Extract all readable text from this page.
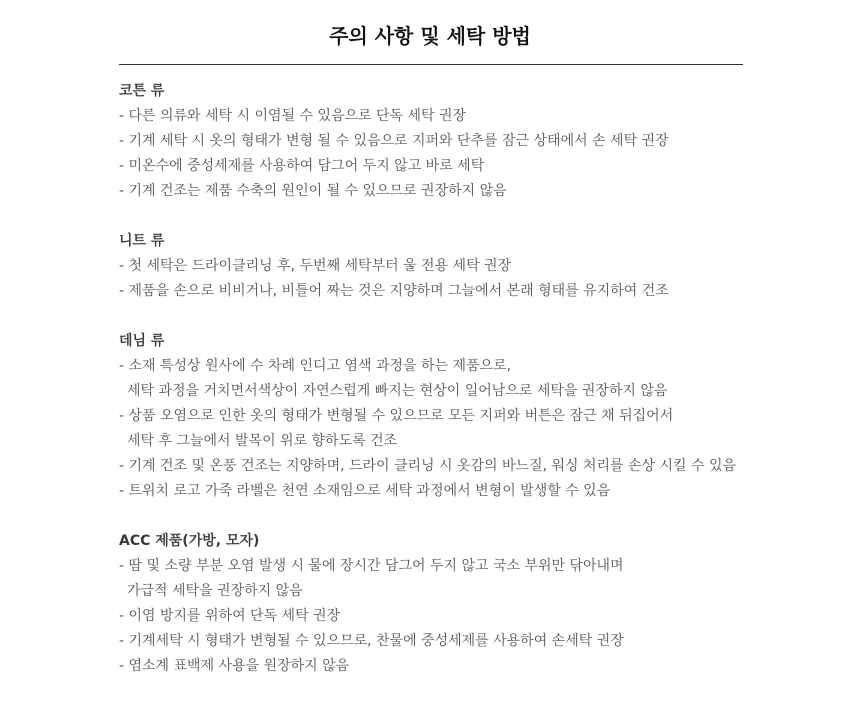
주의 사항 및 세탁 방법
코튼 류
- 다른 의류와 세탁 시 이염될 수 있음으로 단독 세탁 권장
- 기계 세탁 시 옷의 형태가 변형 될 수 있음으로 지퍼와 단추를 잠근 상태에서 손 세탁 권장
- 미온수에 중성세제를 사용하여 담그어 두지 않고 바로 세탁
- 기계 건조는 제품 수축의 원인이 될 수 있으므로 권장하지 않음
니트 류
- 첫 세탁은 드라이클리닝 후, 두번째 세탁부터 울 전용 세탁 권장
- 제품을 손으로 비비거나, 비틀어 짜는 것은 지양하며 그늘에서 본래 형태를 유지하여 건조
데님 류
- 소재 특성상 원사에 수 차례 인디고 염색 과정을 하는 제품으로,
세탁 과정을 거치면서색상이 자연스럽게 빠지는 현상이 일어남으로 세탁을 권장하지 않음
- 상품 오염으로 인한 옷의 형태가 변형될 수 있으므로 모든 지퍼와 버튼은 잠근 채 뒤집어서
세탁 후 그늘에서 발목이 위로 향하도록 건조
- 기계 건조 및 온풍 건조는 지양하며, 드라이 클리닝 시 옷감의 바느질, 워싱 처리를 손상 시킬 수 있음
- 트위치 로고 가죽 라벨은 천연 소재임으로 세탁 과정에서 변형이 발생할 수 있음
ACC 제품(가방, 모자)
- 땀 및 소량 부분 오염 발생 시 물에 장시간 담그어 두지 않고 국소 부위만 닦아내며
가급적 세탁을 권장하지 않음
- 이염 방지를 위하여 단독 세탁 권장
- 기계세탁 시 형태가 변형될 수 있으므로, 찬물에 중성세제를 사용하여 손세탁 권장
- 염소계 표백제 사용을 원장하지 않음
